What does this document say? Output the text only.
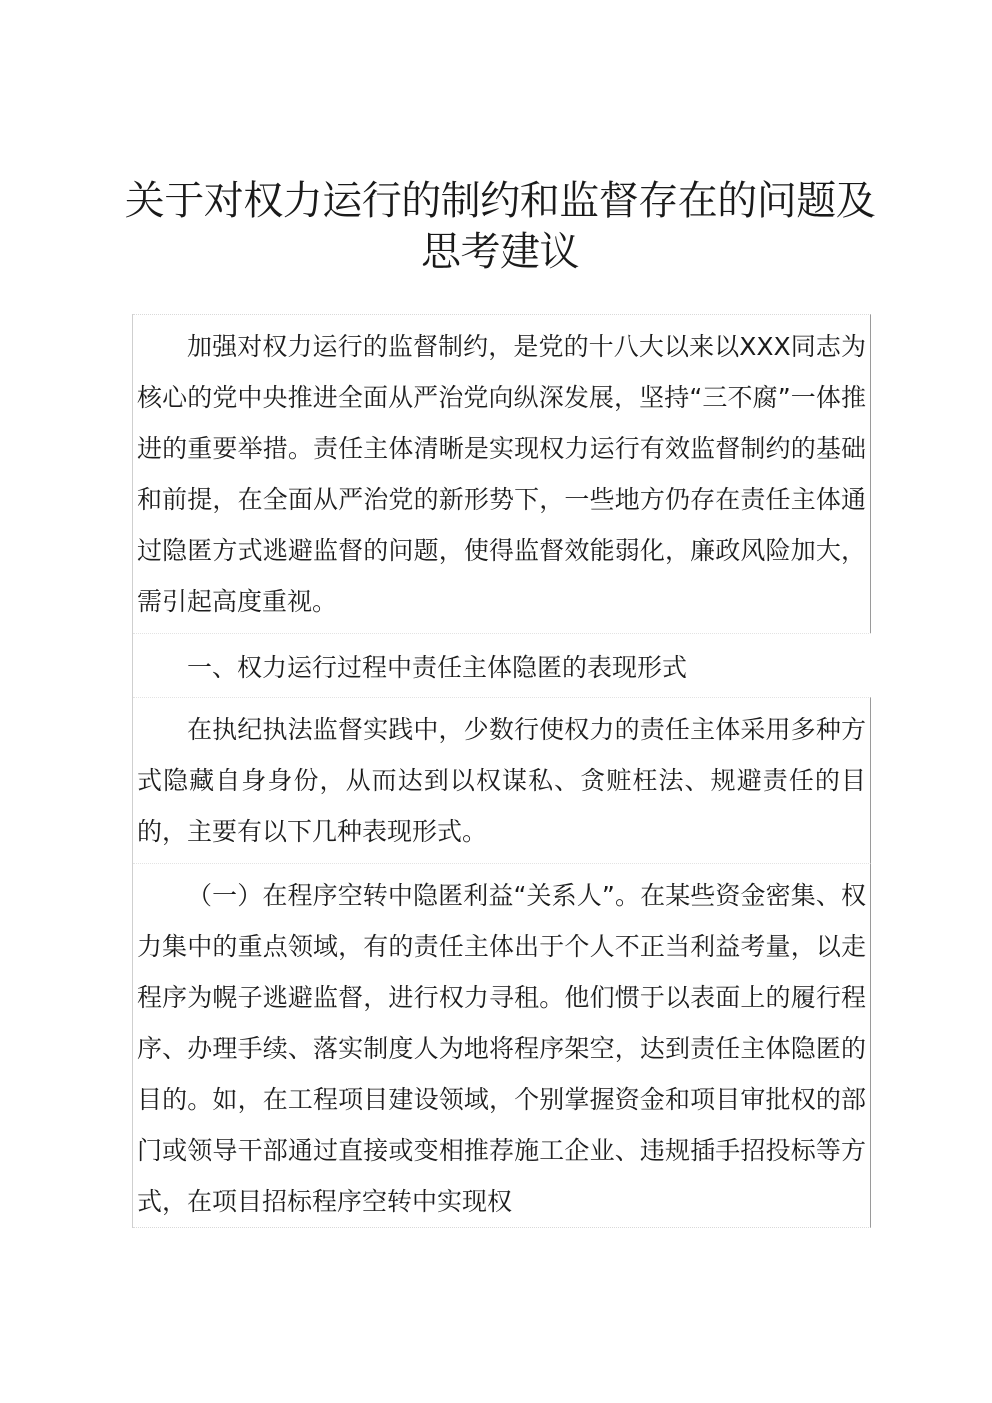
关于对权力运行的制约和监督存在的问题及思考建议

加强对权力运行的监督制约，是党的十八大以来以XXX同志为核心的党中央推进全面从严治党向纵深发展，坚持“三不腐”一体推进的重要举措。责任主体清晰是实现权力运行有效监督制约的基础和前提，在全面从严治党的新形势下，一些地方仍存在责任主体通过隐匿方式逃避监督的问题，使得监督效能弱化，廉政风险加大，需引起高度重视。

一、权力运行过程中责任主体隐匿的表现形式

在执纪执法监督实践中，少数行使权力的责任主体采用多种方式隐藏自身身份，从而达到以权谋私、贪赃枉法、规避责任的目的，主要有以下几种表现形式。

（一）在程序空转中隐匿利益“关系人”。在某些资金密集、权力集中的重点领域，有的责任主体出于个人不正当利益考量，以走程序为幌子逃避监督，进行权力寻租。他们惯于以表面上的履行程序、办理手续、落实制度人为地将程序架空，达到责任主体隐匿的目的。如，在工程项目建设领域，个别掌握资金和项目审批权的部门或领导干部通过直接或变相推荐施工企业、违规插手招投标等方式，在项目招标程序空转中实现权
